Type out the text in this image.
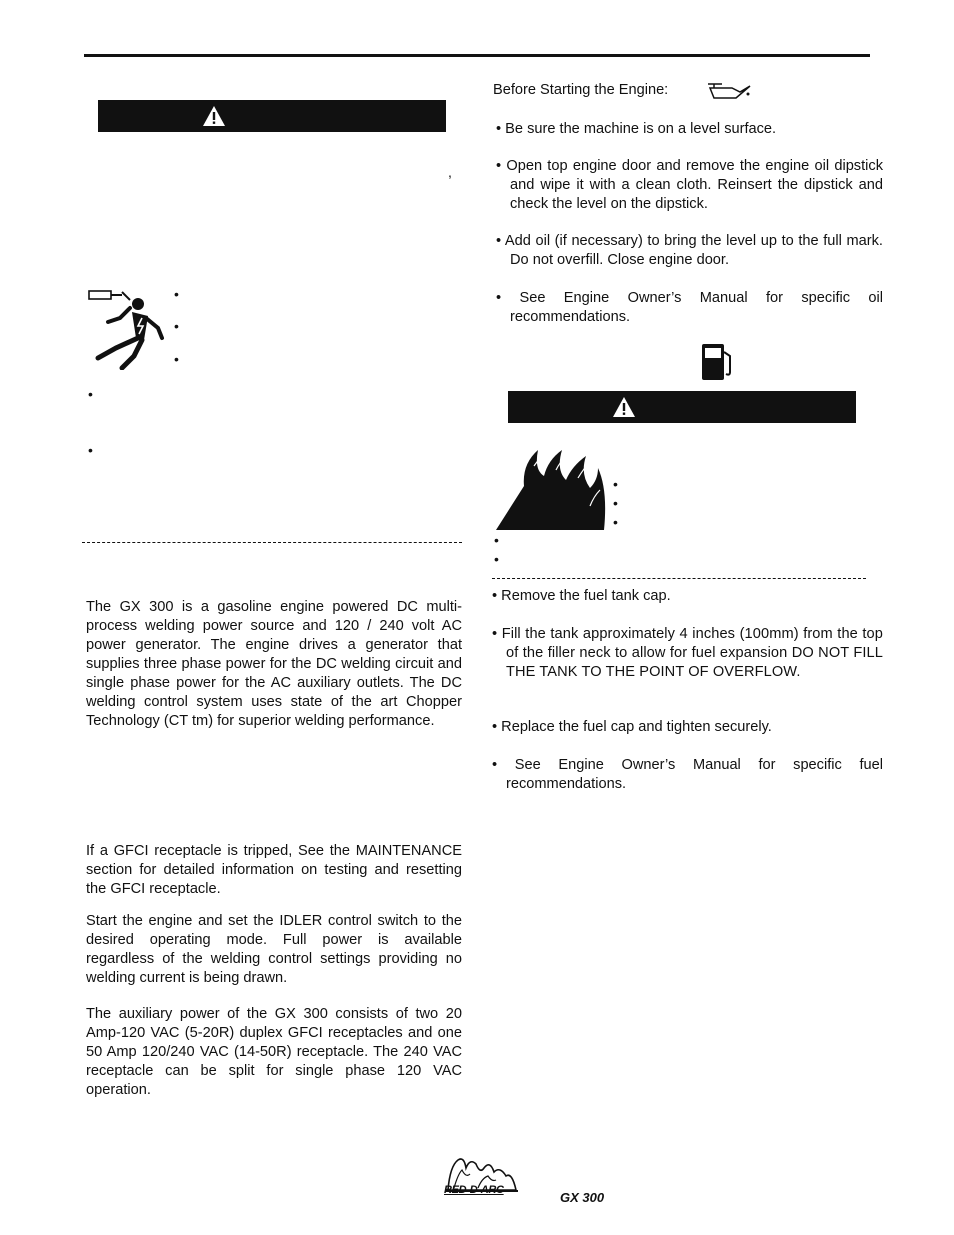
,
•
•
•
•
•
The GX 300 is a gasoline engine powered DC multi-process welding power source and 120 / 240 volt AC power generator. The engine drives a generator that supplies three phase power for the DC welding circuit and single phase power for the AC auxiliary outlets. The DC welding control system uses state of the art Chopper Technology (CT tm) for superior welding performance.
If a GFCI receptacle is tripped, See the MAINTENANCE section for detailed information on testing and resetting the GFCI receptacle.
Start the engine and set the IDLER control switch to the desired operating mode. Full power is available regardless of the welding control settings providing no welding current is being drawn.
The auxiliary power of the GX 300 consists of two 20 Amp-120 VAC (5-20R) duplex GFCI receptacles and one 50 Amp 120/240 VAC (14-50R) receptacle. The 240 VAC receptacle can be split for single phase 120 VAC operation.
Before Starting the Engine:
• Be sure the machine is on a level surface.
• Open top engine door and remove the engine oil dipstick and wipe it with a clean cloth. Reinsert the dipstick and check the level on the dipstick.
• Add oil (if necessary) to bring the level up to the full mark. Do not overfill. Close engine door.
• See Engine Owner’s Manual for specific oil recommendations.
•
•
•
•
•
• Remove the fuel tank cap.
• Fill the tank approximately 4 inches (100mm) from the top of the filler neck to allow for fuel expansion DO NOT FILL THE TANK TO THE POINT OF OVERFLOW.
• Replace the fuel cap and tighten securely.
• See Engine Owner’s Manual for specific fuel recommendations.
RED-D-ARC	GX 300
